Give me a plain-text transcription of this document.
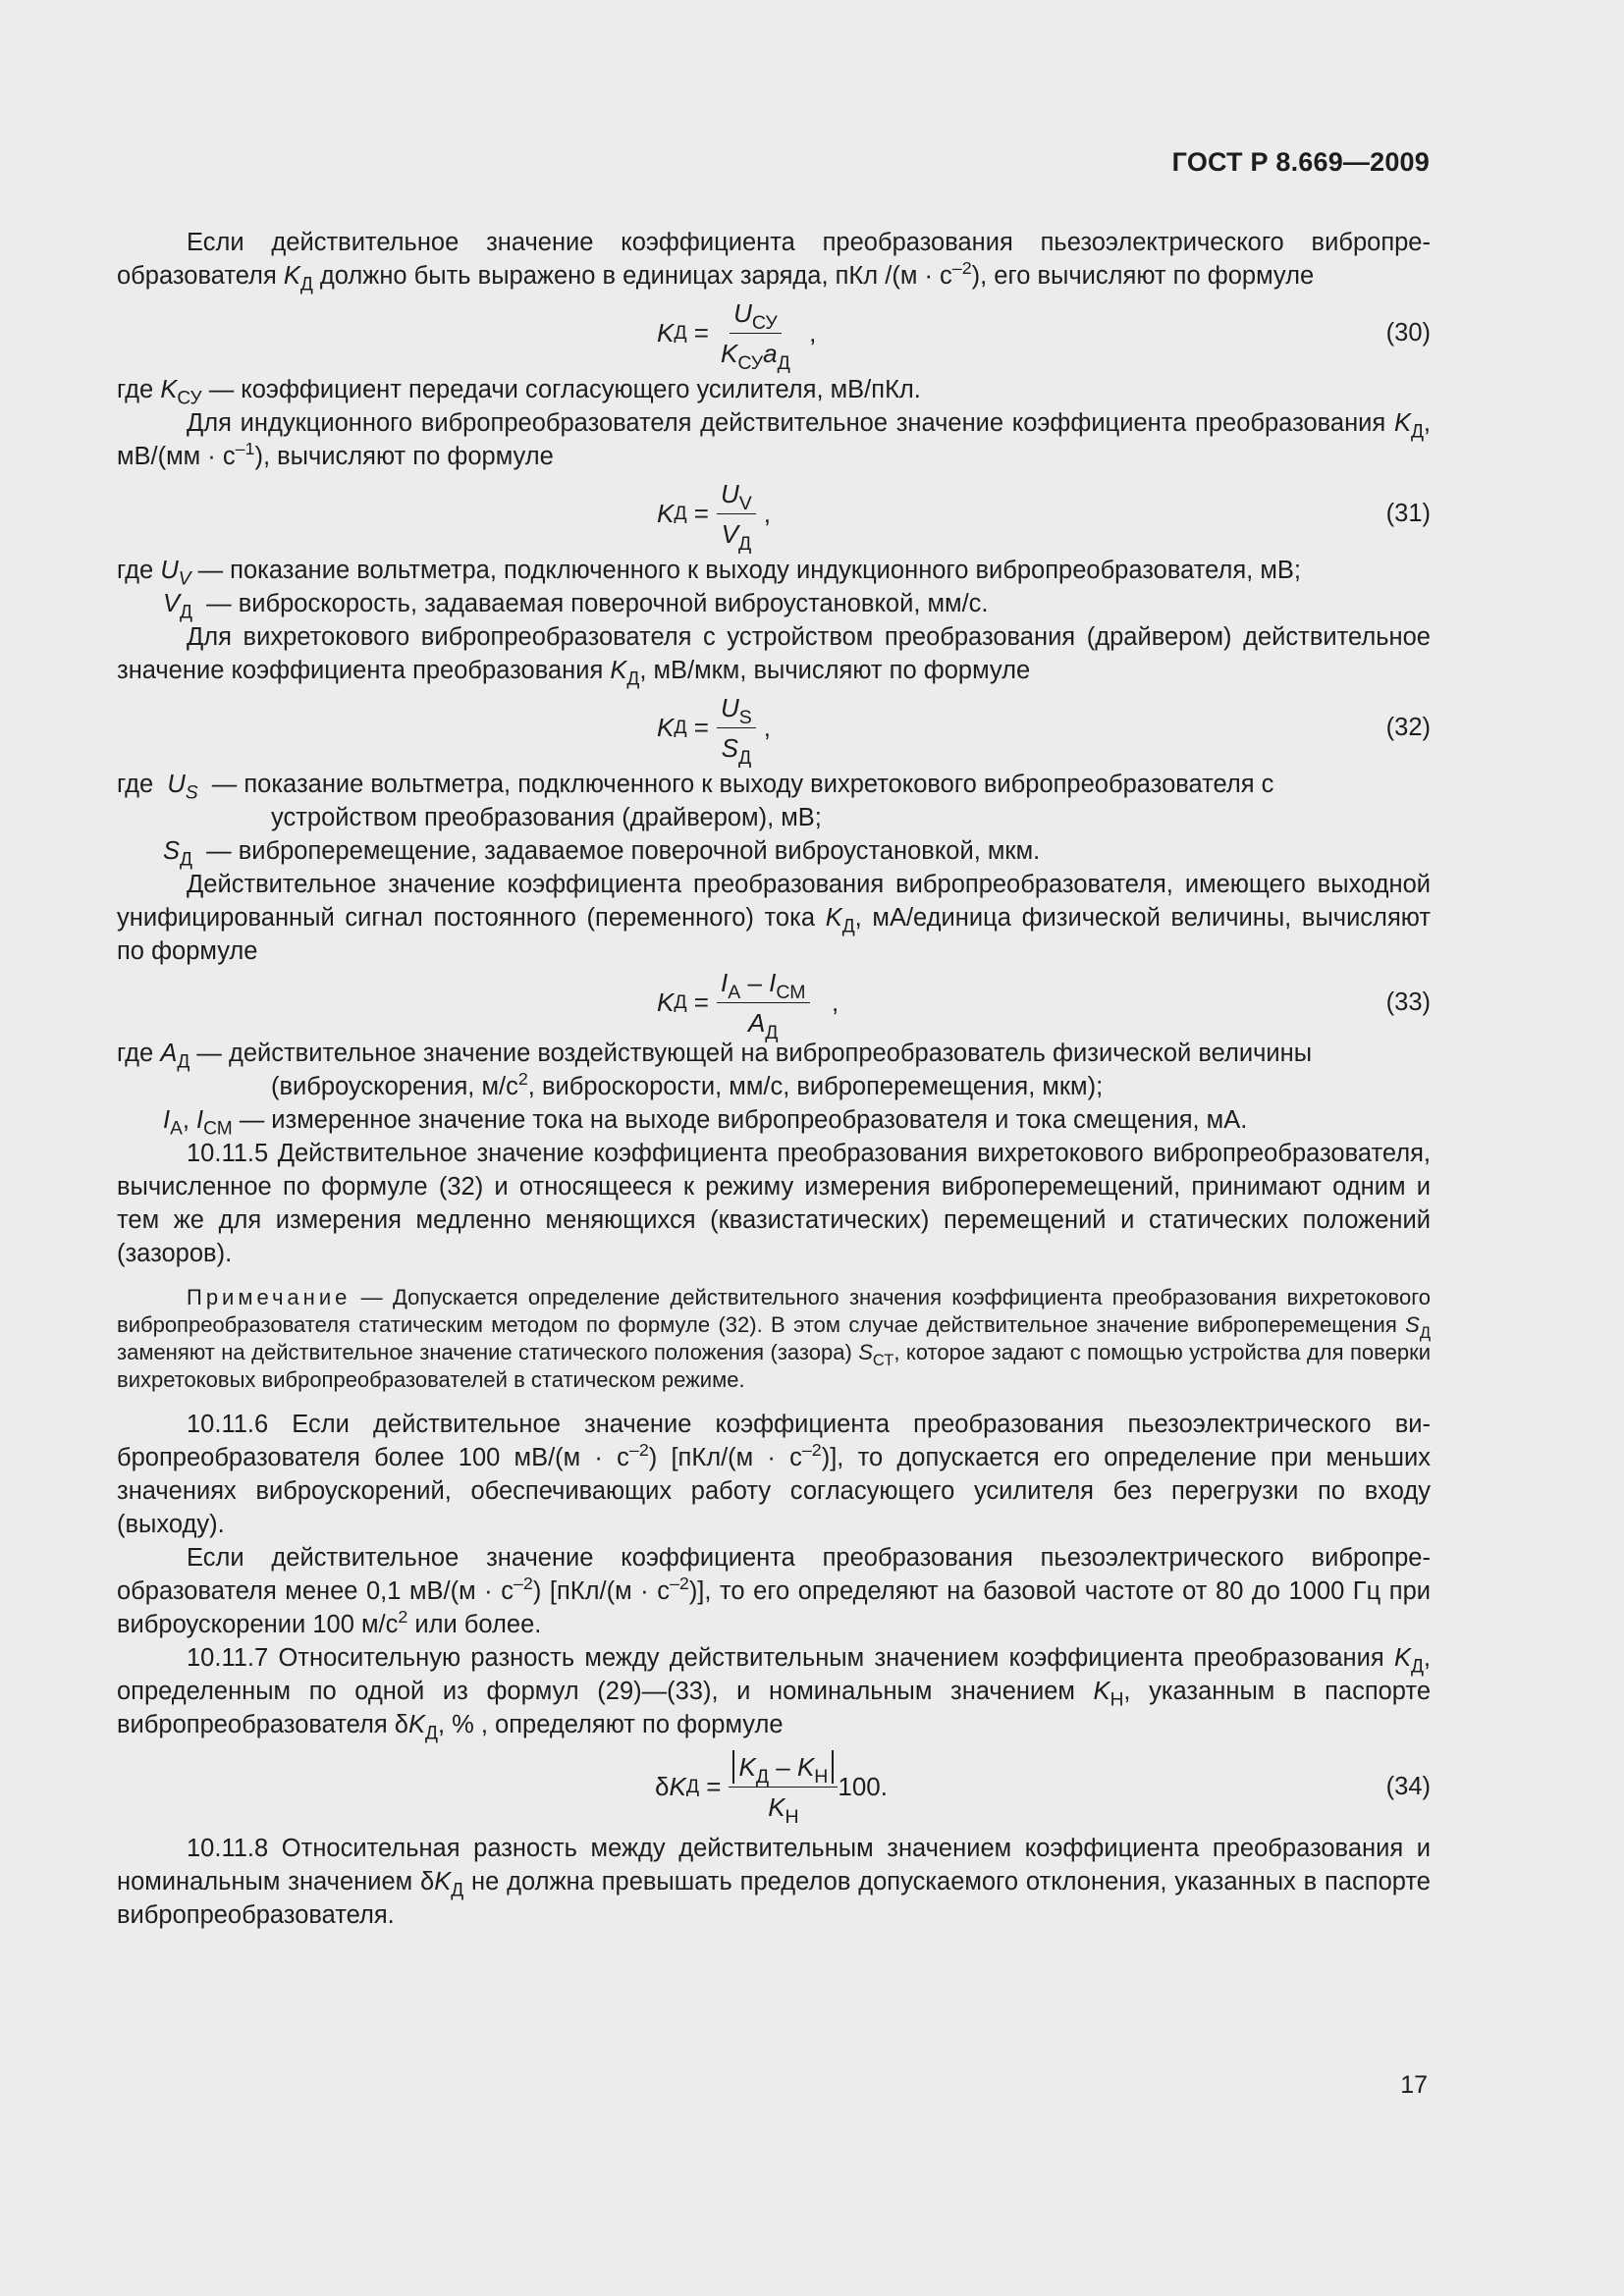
ГОСТ Р 8.669—2009

Если действительное значение коэффициента преобразования пьезоэлектрического вибропреобразователя $K_Д$ должно быть выражено в единицах заряда, пКл $/(м \cdot с^{-2})$, его вычисляют по формуле

K Д
= $\frac{U_{СУ}}{K_{СУ}a_Д}$
,	(30)

где $K_{СУ}$ — коэффициент передачи согласующего усилителя, мВ/пКл.

Для индукционного вибропреобразователя действительное значение коэффициента преобразования $K_Д$, $мВ/(мм \cdot с^{-1})$, вычисляют по формуле

K Д
= $\frac{U_V}{V_Д}$ ,	(31)

где $U_V$ — показание вольтметра, подключенного к выходу индукционного вибропреобразователя, мВ;

$V_Д$  — виброскорость, задаваемая поверочной виброустановкой, мм/с.

Для вихретокового вибропреобразователя с устройством преобразования (драйвером) действительное значение коэффициента преобразования $K_Д$, мВ/мкм, вычисляют по формуле

K Д
= $\frac{U_S}{S_Д}$ ,	(32)

где  $U_S$  — показание вольтметра, подключенного к выходу вихретокового вибропреобразователя с

устройством преобразования (драйвером), мВ;

$S_Д$  — виброперемещение, задаваемое поверочной виброустановкой, мкм.

Действительное значение коэффициента преобразования вибропреобразователя, имеющего выходной унифицированный сигнал постоянного (переменного) тока $K_Д$, мА/единица физической величины, вычисляют по формуле

K Д
= $\frac{I_A - I_{СМ}}{A_Д}$
,	(33)

где $A_Д$ — действительное значение воздействующей на вибропреобразователь физической величины

(виброускорения, $м/с^2$, виброскорости, мм/с, виброперемещения, мкм);

$I_A$, $I_{СМ}$ — измеренное значение тока на выходе вибропреобразователя и тока смещения, мА.

10.11.5 Действительное значение коэффициента преобразования вихретокового вибропреобразователя, вычисленное по формуле (32) и относящееся к режиму измерения виброперемещений, принимают одним и тем же для измерения медленно меняющихся (квазистатических) перемещений и статических положений (зазоров).

Примечание — Допускается определение действительного значения коэффициента преобразования вихретокового вибропреобразователя статическим методом по формуле (32). В этом случае действительное значение виброперемещения $S_Д$ заменяют на действительное значение статического положения (зазора) $S_{СТ}$, которое задают с помощью устройства для поверки вихретоковых вибропреобразователей в статическом режиме.

10.11.6 Если действительное значение коэффициента преобразования пьезоэлектрического вибропреобразователя более 100 $мВ/(м \cdot с^{-2})$ $[пКл/(м \cdot с^{-2})]$, то допускается его определение при меньших значениях виброускорений, обеспечивающих работу согласующего усилителя без перегрузки по входу (выходу).

Если действительное значение коэффициента преобразования пьезоэлектрического вибропреобразователя менее 0,1 $мВ/(м \cdot с^{-2})$ $[пКл/(м \cdot с^{-2})]$, то его определяют на базовой частоте от 80 до 1000 Гц при виброускорении 100 $м/с^2$ или более.

10.11.7 Относительную разность между действительным значением коэффициента преобразования $K_Д$, определенным по одной из формул (29)—(33), и номинальным значением $K_Н$, указанным в паспорте вибропреобразователя $\delta K_Д$, % , определяют по формуле

δ K Д
= $\frac{K_Д - K_Н}{K_Н} 100$.	(34)

10.11.8 Относительная разность между действительным значением коэффициента преобразования и номинальным значением $\delta K_Д$ не должна превышать пределов допускаемого отклонения, указанных в паспорте вибропреобразователя.

17
